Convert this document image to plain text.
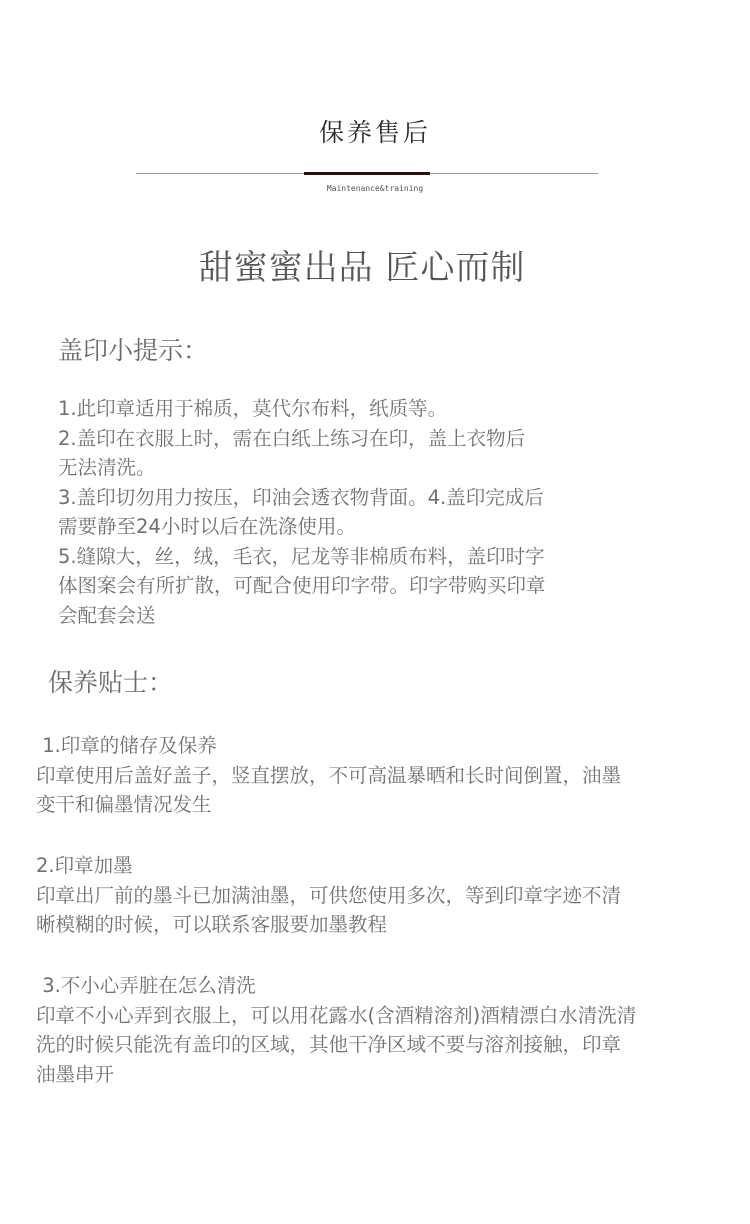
保养售后
Maintenance&training
甜蜜蜜出品 匠心而制
盖印小提示：
1.此印章适用于棉质，莫代尔布料，纸质等。
2.盖印在衣服上时，需在白纸上练习在印，盖上衣物后
无法清洗。
3.盖印切勿用力按压，印油会透衣物背面。4.盖印完成后
需要静至24小时以后在洗涤使用。
5.缝隙大，丝，绒，毛衣，尼龙等非棉质布料，盖印时字
体图案会有所扩散，可配合使用印字带。印字带购买印章
会配套会送
保养贴士：
1.印章的储存及保养
印章使用后盖好盖子，竖直摆放，不可高温暴晒和长时间倒置，油墨
变干和偏墨情况发生
2.印章加墨
印章出厂前的墨斗已加满油墨，可供您使用多次，等到印章字迹不清
晰模糊的时候，可以联系客服要加墨教程
3.不小心弄脏在怎么清洗
印章不小心弄到衣服上，可以用花露水(含酒精溶剂)酒精漂白水清洗清
洗的时候只能洗有盖印的区域，其他干净区域不要与溶剂接触，印章
油墨串开
